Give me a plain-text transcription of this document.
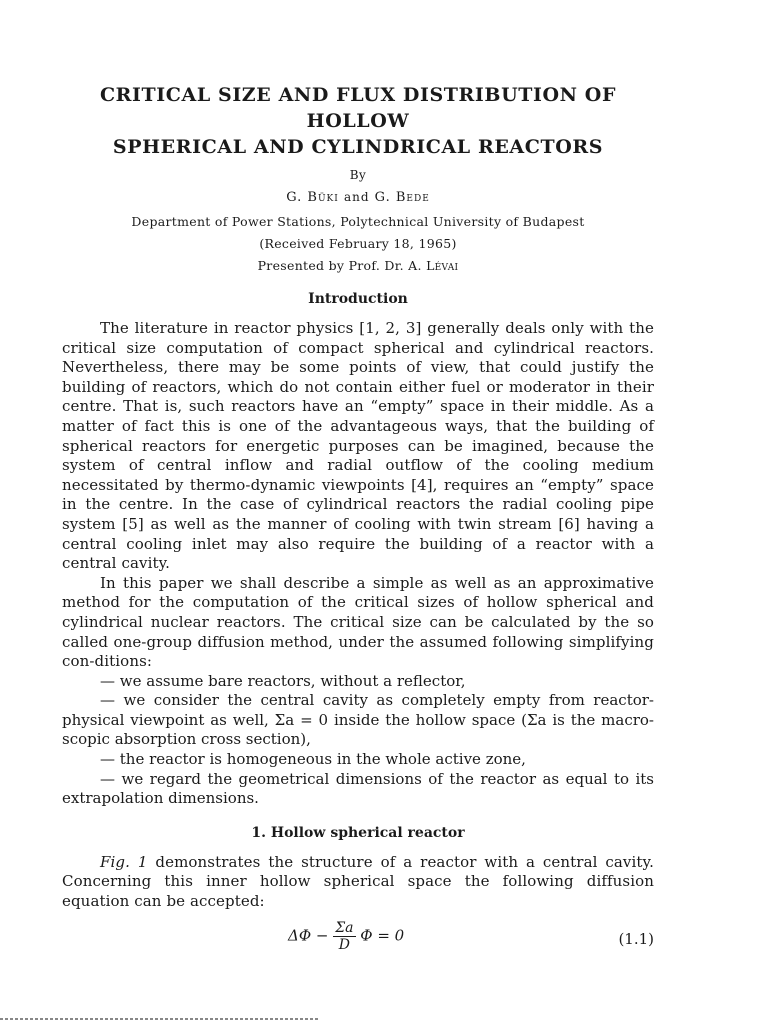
CRITICAL SIZE AND FLUX DISTRIBUTION OF HOLLOW
SPHERICAL AND CYLINDRICAL REACTORS
By
G. Büki and G. Bede
Department of Power Stations, Polytechnical University of Budapest
(Received February 18, 1965)
Presented by Prof. Dr. A. Lévai
Introduction

The literature in reactor physics [1, 2, 3] generally deals only with the critical size computation of compact spherical and cylindrical reactors. Nevertheless, there may be some points of view, that could justify the building of reactors, which do not contain either fuel or moderator in their centre. That is, such reactors have an “empty” space in their middle. As a matter of fact this is one of the advantageous ways, that the building of spherical reactors for energetic purposes can be imagined, because the system of central inflow and radial outflow of the cooling medium necessitated by thermo-dynamic viewpoints [4], requires an “empty” space in the centre. In the case of cylindrical reactors the radial cooling pipe system [5] as well as the manner of cooling with twin stream [6] having a central cooling inlet may also require the building of a reactor with a central cavity.

In this paper we shall describe a simple as well as an approximative method for the computation of the critical sizes of hollow spherical and cylindrical nuclear reactors. The critical size can be calculated by the so called one-group diffusion method, under the assumed following simplifying con-ditions:

— we assume bare reactors, without a reflector,

— we consider the central cavity as completely empty from reactor-physical viewpoint as well, Σa = 0 inside the hollow space (Σa is the macro-scopic absorption cross section),

— the reactor is homogeneous in the whole active zone,

— we regard the geometrical dimensions of the reactor as equal to its extrapolation dimensions.

1. Hollow spherical reactor

Fig. 1 demonstrates the structure of a reactor with a central cavity. Concerning this inner hollow spherical space the following diffusion equation can be accepted:

$\Delta\Phi - \frac{\Sigma a}{D}$ Φ = 0	(1.1)
